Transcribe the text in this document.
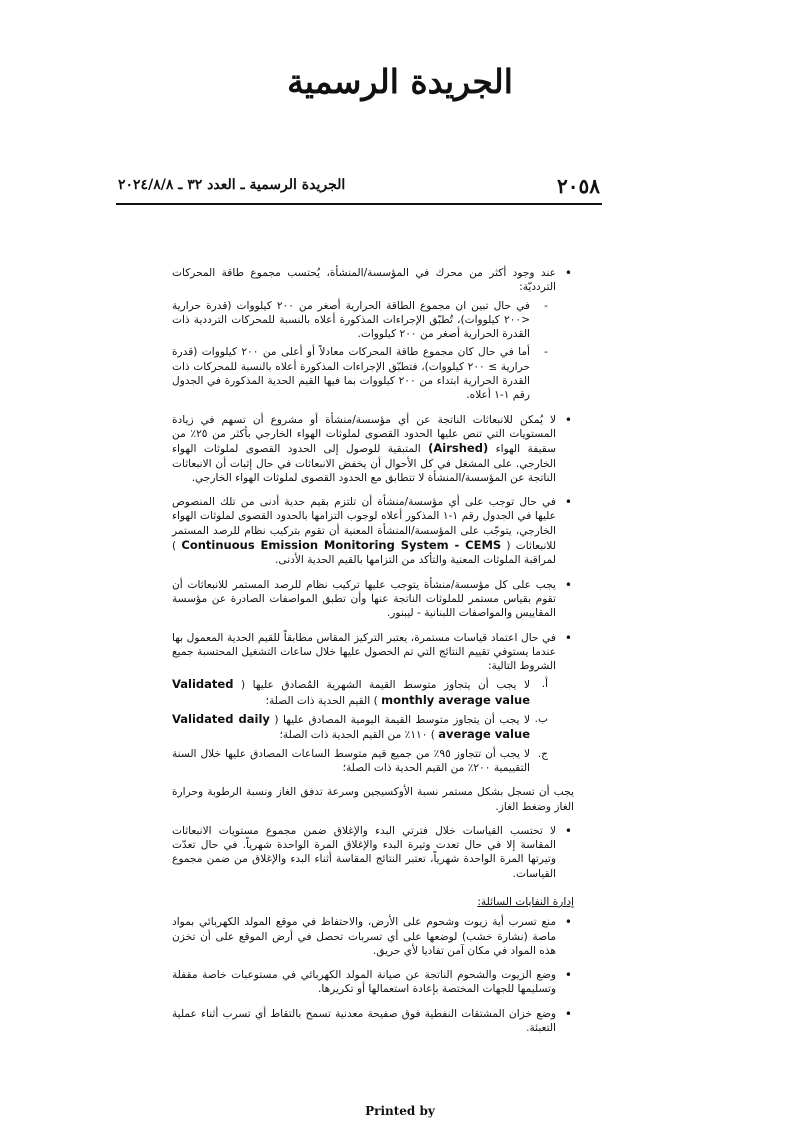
الجريدة الرسمية
٢٠٥٨
الجريدة الرسمية ـ العدد ٣٢ ـ ٢٠٢٤/٨/٨
• عند وجود أكثر من محرك في المؤسسة/المنشأة، يُحتسب مجموع طاقة المحركات التردديّة:
-
في حال تبين ان مجموع الطاقة الحرارية أصغر من ٢٠٠ كيلووات (قدرة حرارية <٢٠٠ كيلووات)، تُطبّق الإجراءات المذكورة أعلاه بالنسبة للمحركات الترددية ذات القدرة الحرارية أصغر من ٢٠٠ كيلووات.
-
أما في حال كان مجموع طاقة المحركات معادلاً أو أعلى من ٢٠٠ كيلووات (قدرة حرارية ≥ ٢٠٠ كيلووات)، فتطبّق الإجراءات المذكورة أعلاه بالنسبة للمحركات ذات القدرة الحرارية ابتداء من ٢٠٠ كيلووات بما فيها القيم الحدية المذكورة في الجدول رقم ١-١ أعلاه.
• لا يُمكن للانبعاثات الناتجة عن أي مؤسسة/منشأة أو مشروع أن تسهم في زيادة المستويات التي تنص عليها الحدود القصوى لملوثات الهواء الخارجي بأكثر من ٢٥٪ من سقيفة الهواء (Airshed) المتبقية للوصول إلى الحدود القصوى لملوثات الهواء الخارجي. على المشغل في كل الأحوال أن يخفض الانبعاثات في حال إثبات أن الانبعاثات الناتجة عن المؤسسة/المنشأة لا تتطابق مع الحدود القصوى لملوثات الهواء الخارجي.
• في حال توجب على أي مؤسسة/منشأة أن تلتزم بقيم حدية أدنى من تلك المنصوص عليها في الجدول رقم ١-١ المذكور أعلاه لوجوب التزامها بالحدود القصوى لملوثات الهواء الخارجي، يتوجّب على المؤسسة/المنشأة المعنية أن تقوم بتركيب نظام للرصد المستمر للانبعاثات ( Continuous Emission Monitoring System - CEMS ) لمراقبة الملوثات المعنية والتأكد من التزامها بالقيم الحدية الأدنى.
• يجب على كل مؤسسة/منشأة يتوجب عليها تركيب نظام للرصد المستمر للانبعاثات أن تقوم بقياس مستمر للملوثات الناتجة عنها وأن تطبق المواصفات الصادرة عن مؤسسة المقاييس والمواصفات اللبنانية - ليبنور.
• في حال اعتماد قياسات مستمرة، يعتبر التركيز المقاس مطابقاً للقيم الحدية المعمول بها عندما يستوفي تقييم النتائج التي تم الحصول عليها خلال ساعات التشغيل المحتسبة جميع الشروط التالية:
أ.
لا يجب أن يتجاوز متوسط القيمة الشهرية المُصادق عليها ( Validated monthly average value ) القيم الحدية ذات الصلة؛
ب.
لا يجب أن يتجاوز متوسط القيمة اليومية المصادق عليها ( Validated daily average value ) ١١٠٪ من القيم الحدية ذات الصلة؛
ج.
لا يجب أن تتجاوز ٩٥٪ من جميع قيم متوسط الساعات المصادق عليها خلال السنة التقييمية ٢٠٠٪ من القيم الحدية ذات الصلة؛
يجب أن تسجل بشكل مستمر نسبة الأوكسيجين وسرعة تدفق الغاز ونسبة الرطوبة وحرارة الغاز وضغط الغاز.
• لا تحتسب القياسات خلال فترتي البدء والإغلاق ضمن مجموع مستويات الانبعاثات المقاسة إلا في حال تعدت وتيرة البدء والإغلاق المرة الواحدة شهرياً. في حال تعدّت وتيرتها المرة الواحدة شهرياً، تعتبر النتائج المقاسة أثناء البدء والإغلاق من ضمن مجموع القياسات.
إدارة النفايات السائلة:
• منع تسرب أية زيوت وشحوم على الأرض، والاحتفاظ في موقع المولد الكهربائي بمواد ماصة (نشارة خشب) لوضعها على أي تسربات تحصل في أرض الموقع على أن تخزن هذه المواد في مكان آمن تفاديا لأي حريق.
• وضع الزيوت والشحوم الناتجة عن صيانة المولد الكهربائي في مستوعبات خاصة مقفلة وتسليمها للجهات المختصة بإعادة استعمالها أو تكريرها.
• وضع خزان المشتقات النفطية فوق صفيحة معدنية تسمح بالتقاط أي تسرب أثناء عملية التعبئة.
Printed by
